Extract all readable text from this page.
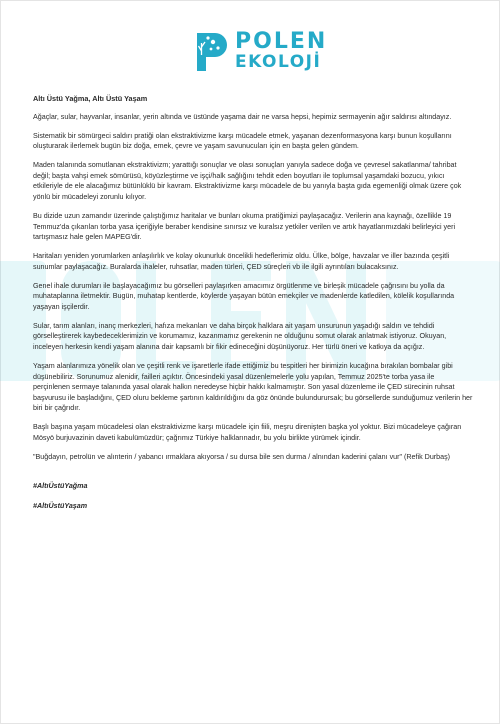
POLEN
EKOLOJİ

Altı Üstü Yağma, Altı Üstü Yaşam

Ağaçlar, sular, hayvanlar, insanlar, yerin altında ve üstünde yaşama dair ne varsa hepsi, hepimiz sermayenin ağır saldırısı altındayız.

Sistematik bir sömürgeci saldırı pratiği olan ekstraktivizme karşı mücadele etmek, yaşanan dezenformasyona karşı bunun koşullarını oluşturarak ilerlemek bugün biz doğa, emek, çevre ve yaşam savunucuları için en başta gelen gündem.

Maden talanında somutlanan ekstraktivizm; yarattığı sonuçlar ve olası sonuçları yanıyla sadece doğa ve çevresel sakatlanma/ tahribat değil; başta vahşi emek sömürüsü, köyüzleştirme ve işçi/halk sağlığını tehdit eden boyutları ile toplumsal yaşamdaki bozucu, yıkıcı etkileriyle de ele alacağımız bütünlüklü bir kavram. Ekstraktivizme karşı mücadele de bu yanıyla başta gıda egemenliği olmak üzere çok yönlü bir mücadeleyi zorunlu kılıyor.

Bu dizide uzun zamandır üzerinde çalıştığımız haritalar ve bunları okuma pratiğimizi paylaşacağız. Verilerin ana kaynağı, özellikle 19 Temmuz'da çıkarılan torba yasa içeriğiyle beraber kendisine sınırsız ve kuralsız yetkiler verilen ve artık hayatlarımızdaki belirleyici yeri tartışmasız hale gelen MAPEG'dir.

Haritaları yeniden yorumlarken anlaşılırlık ve kolay okunurluk öncelikli hedeflerimiz oldu. Ülke, bölge, havzalar ve iller bazında çeşitli sunumlar paylaşacağız. Buralarda ihaleler, ruhsatlar, maden türleri, ÇED süreçleri vb ile ilgili ayrıntıları bulacaksınız.

Genel ihale durumları ile başlayacağımız bu görselleri paylaşırken amacımız örgütlenme ve birleşik mücadele çağrısını bu yolla da muhataplarına iletmektir. Bugün, muhatap kentlerde, köylerde yaşayan bütün emekçiler ve madenlerde katledilen, kölelik koşullarında yaşayan işçilerdir.

Sular, tarım alanları, inanç merkezleri, hafıza mekanları ve daha birçok halklara ait yaşam unsurunun yaşadığı saldırı ve tehdidi görselleştirerek kaybedeceklerimizin ve korumamız, kazanmamız gerekenin ne olduğunu somut olarak anlatmak istiyoruz. Okuyan, inceleyen herkesin kendi yaşam alanına dair kapsamlı bir fikir edineceğini düşünüyoruz. Her türlü öneri ve katkıya da açığız.

Yaşam alanlarımıza yönelik olan ve çeşitli renk ve işaretlerle ifade ettiğimiz bu tespitleri her birimizin kucağına bırakılan bombalar gibi düşünebiliriz. Sorunumuz alenidir, failleri açıktır. Öncesindeki yasal düzenlemelerle yolu yapılan, Temmuz 2025'te torba yasa ile perçinlenen sermaye talanında yasal olarak halkın neredeyse hiçbir hakkı kalmamıştır. Son yasal düzenleme ile ÇED sürecinin ruhsat başvurusu ile başladığını, ÇED oluru bekleme şartının kaldırıldığını da göz önünde bulundurursak; bu görsellerde sunduğumuz verilerin her biri bir çağrıdır.

Başlı başına yaşam mücadelesi olan ekstraktivizme karşı mücadele için fiili, meşru direnişten başka yol yoktur. Bizi mücadeleye çağıran Mösyö burjuvazinin daveti kabulümüzdür; çağrımız Türkiye halklarınadır, bu yolu birlikte yürümek içindir.

"Buğdayın, petrolün ve alınterin / yabancı ırmaklara akıyorsa / su dursa bile sen durma / alnından kaderini çalanı vur" (Refik Durbaş)

#AltıÜstüYağma

#AltıÜstüYaşam
